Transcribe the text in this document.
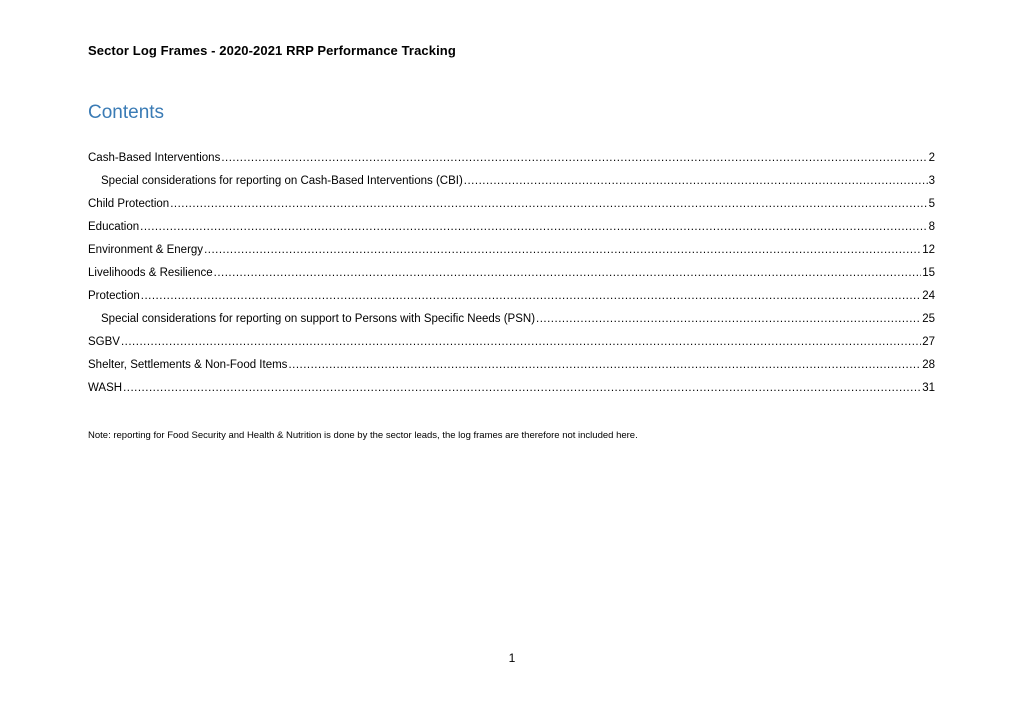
Sector Log Frames - 2020-2021 RRP Performance Tracking
Contents
Cash-Based Interventions .....	2
Special considerations for reporting on Cash-Based Interventions (CBI) .....	3
Child Protection .....	5
Education .....	8
Environment & Energy .....	12
Livelihoods & Resilience .....	15
Protection .....	24
Special considerations for reporting on support to Persons with Specific Needs (PSN) .....	25
SGBV .....	27
Shelter, Settlements & Non-Food Items .....	28
WASH .....	31
Note: reporting for Food Security and Health & Nutrition is done by the sector leads, the log frames are therefore not included here.
1
